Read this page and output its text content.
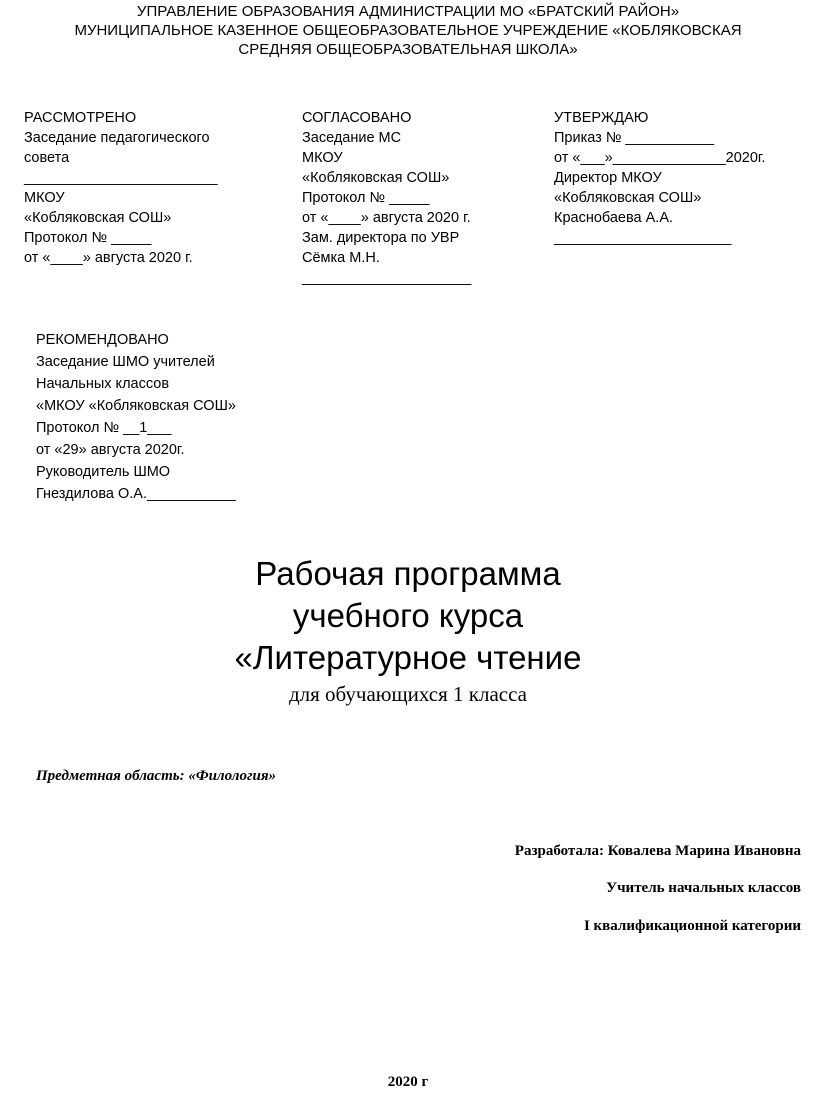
УПРАВЛЕНИЕ ОБРАЗОВАНИЯ АДМИНИСТРАЦИИ МО «БРАТСКИЙ РАЙОН»
МУНИЦИПАЛЬНОЕ КАЗЕННОЕ ОБЩЕОБРАЗОВАТЕЛЬНОЕ УЧРЕЖДЕНИЕ «КОБЛЯКОВСКАЯ
СРЕДНЯЯ ОБЩЕОБРАЗОВАТЕЛЬНАЯ ШКОЛА»
РАССМОТРЕНО
Заседание педагогического
совета
________________________
МКОУ
«Кобляковская СОШ»
Протокол № _____
от «____» августа 2020 г.
СОГЛАСОВАНО
Заседание МС
МКОУ
«Кобляковская СОШ»
Протокол № _____
от «____» августа 2020 г.
Зам. директора по УВР
Сёмка М.Н.
_____________________
УТВЕРЖДАЮ
Приказ № ___________
от «___»______________2020г.
Директор МКОУ
«Кобляковская СОШ»
Краснобаева А.А.
______________________
РЕКОМЕНДОВАНО
Заседание ШМО учителей
Начальных классов
«МКОУ «Кобляковская СОШ»
Протокол № __1___
от «29» августа 2020г.
Руководитель ШМО
Гнездилова О.А.___________
Рабочая программа
учебного курса
«Литературное чтение
для обучающихся 1 класса
Предметная область: «Филология»
Разработала: Ковалева Марина Ивановна
Учитель начальных классов
I квалификационной категории
2020 г
